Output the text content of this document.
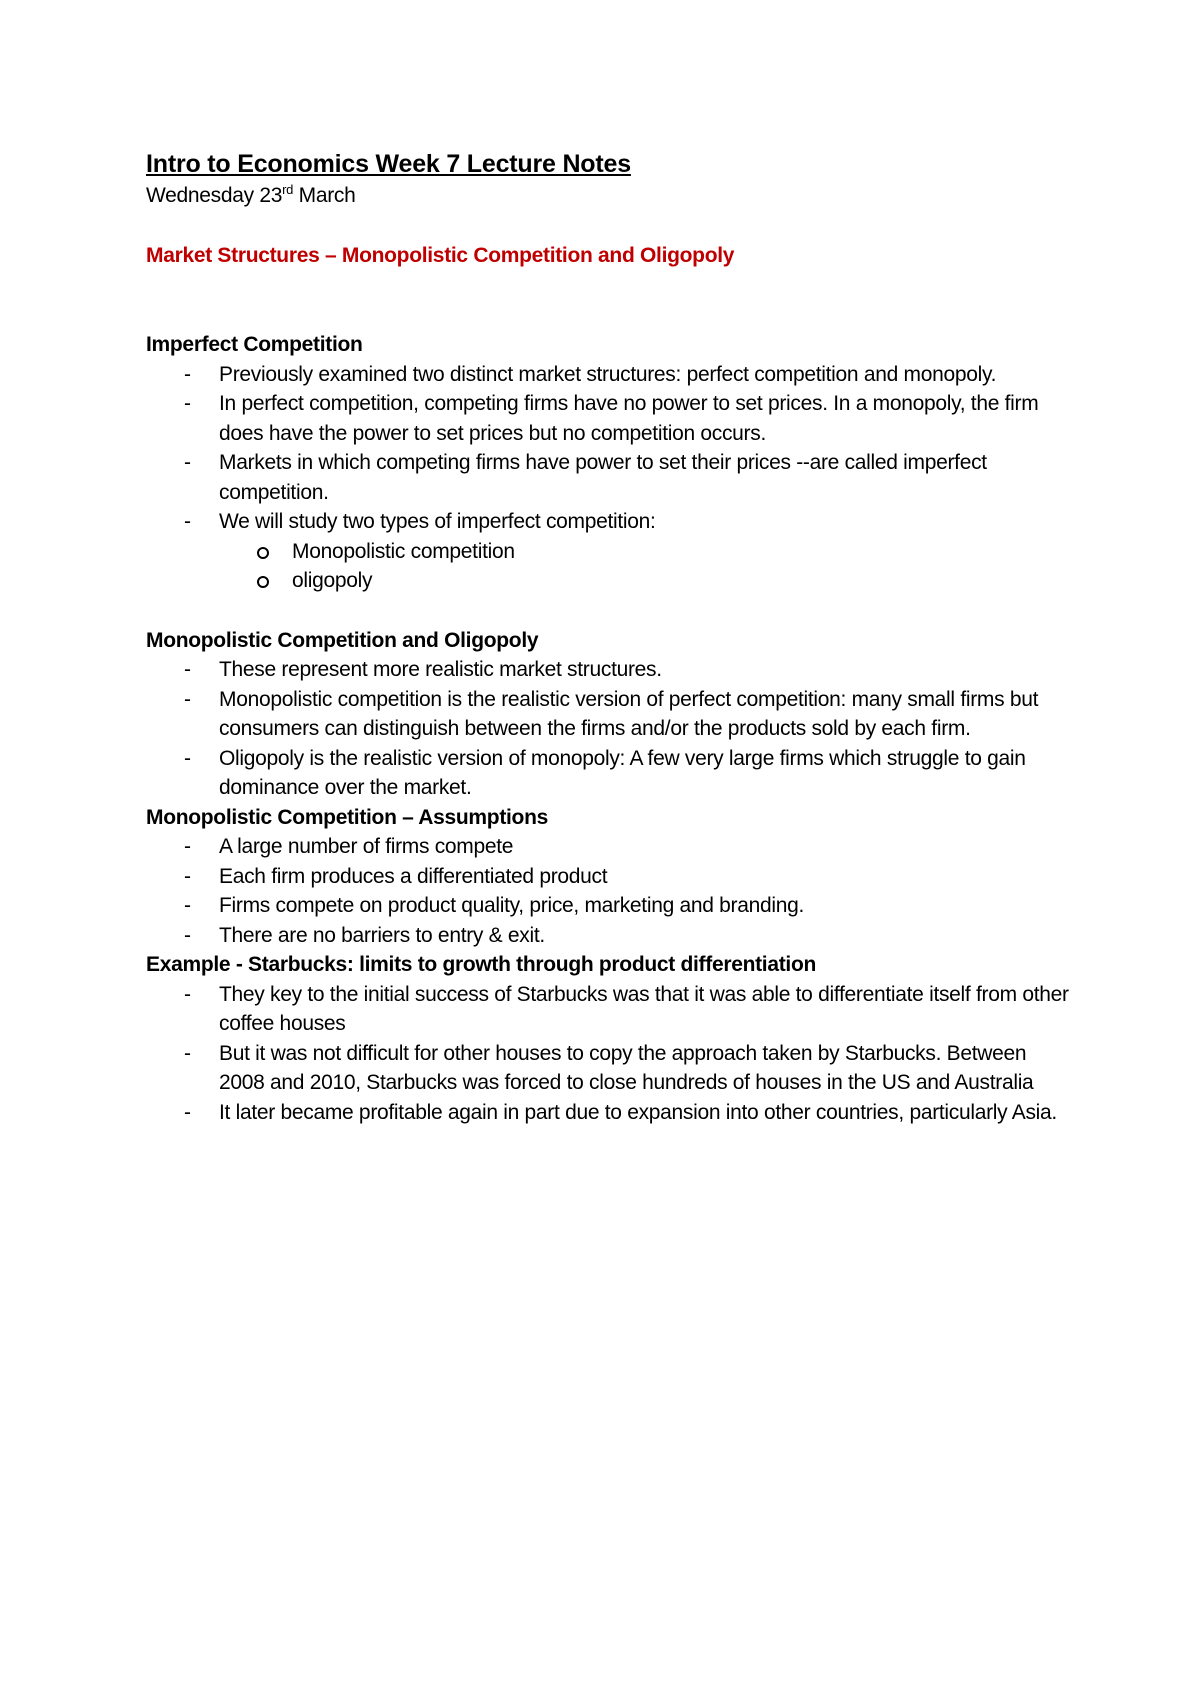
Intro to Economics Week 7 Lecture Notes
Wednesday 23rd March
Market Structures – Monopolistic Competition and Oligopoly
Imperfect Competition
- Previously examined two distinct market structures: perfect competition and monopoly.
- In perfect competition, competing firms have no power to set prices. In a monopoly, the firm does have the power to set prices but no competition occurs.
- Markets in which competing firms have power to set their prices --are called imperfect competition.
- We will study two types of imperfect competition:
Monopolistic competition
oligopoly
Monopolistic Competition and Oligopoly
- These represent more realistic market structures.
- Monopolistic competition is the realistic version of perfect competition: many small firms but consumers can distinguish between the firms and/or the products sold by each firm.
- Oligopoly is the realistic version of monopoly: A few very large firms which struggle to gain dominance over the market.
Monopolistic Competition – Assumptions
- A large number of firms compete
- Each firm produces a differentiated product
- Firms compete on product quality, price, marketing and branding.
- There are no barriers to entry & exit.
Example - Starbucks: limits to growth through product differentiation
- They key to the initial success of Starbucks was that it was able to differentiate itself from other coffee houses
- But it was not difficult for other houses to copy the approach taken by Starbucks. Between 2008 and 2010, Starbucks was forced to close hundreds of houses in the US and Australia
- It later became profitable again in part due to expansion into other countries, particularly Asia.
